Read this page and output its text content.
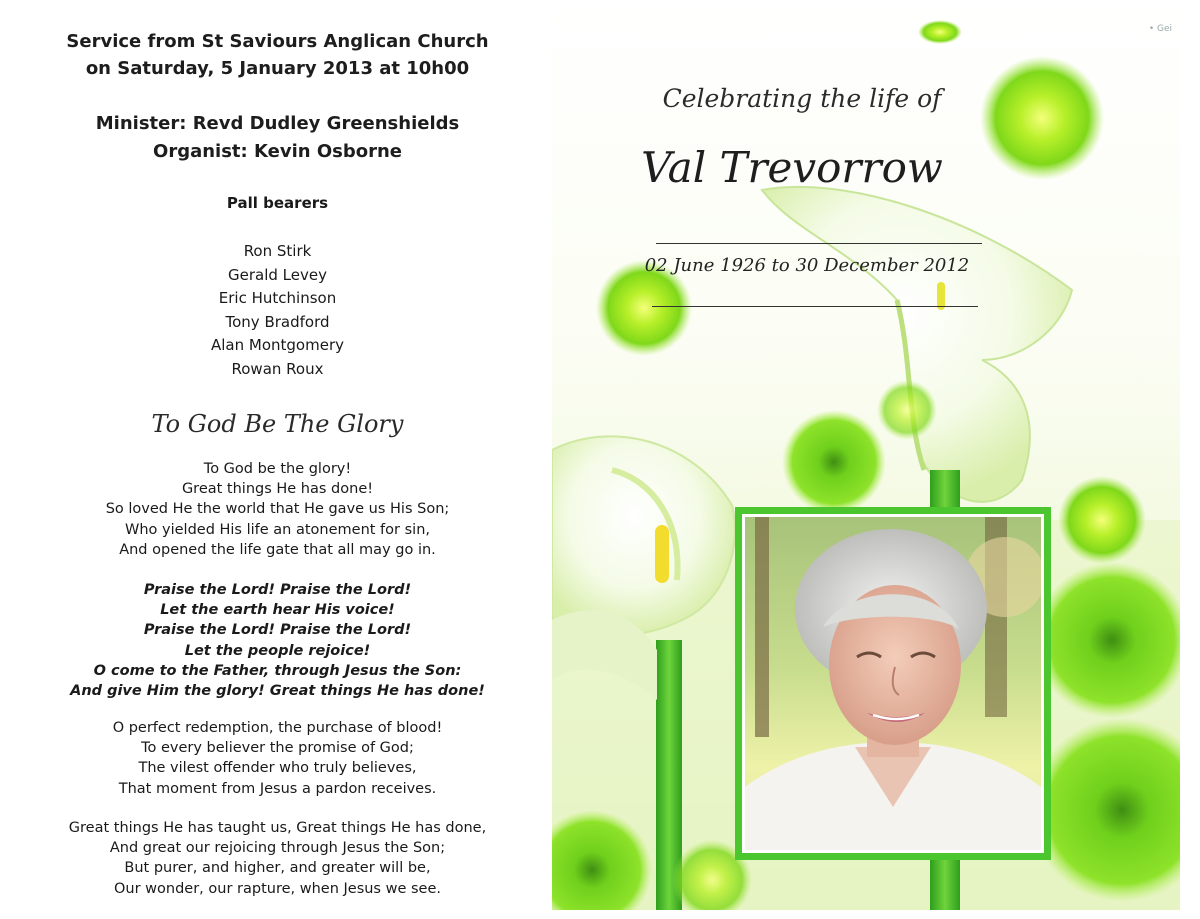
Service from St Saviours Anglican Church
on Saturday, 5 January 2013 at 10h00
Minister: Revd Dudley Greenshields
Organist: Kevin Osborne
Pall bearers
Ron Stirk
Gerald Levey
Eric Hutchinson
Tony Bradford
Alan Montgomery
Rowan Roux
To God Be The Glory
To God be the glory!
Great things He has done!
So loved He the world that He gave us His Son;
Who yielded His life an atonement for sin,
And opened the life gate that all may go in.
Praise the Lord! Praise the Lord!
Let the earth hear His voice!
Praise the Lord! Praise the Lord!
Let the people rejoice!
O come to the Father, through Jesus the Son:
And give Him the glory! Great things He has done!
O perfect redemption, the purchase of blood!
To every believer the promise of God;
The vilest offender who truly believes,
That moment from Jesus a pardon receives.
Great things He has taught us, Great things He has done,
And great our rejoicing through Jesus the Son;
But purer, and higher, and greater will be,
Our wonder, our rapture, when Jesus we see.
Celebrating the life of
Val Trevorrow
02 June 1926 to 30 December 2012
• Gei
